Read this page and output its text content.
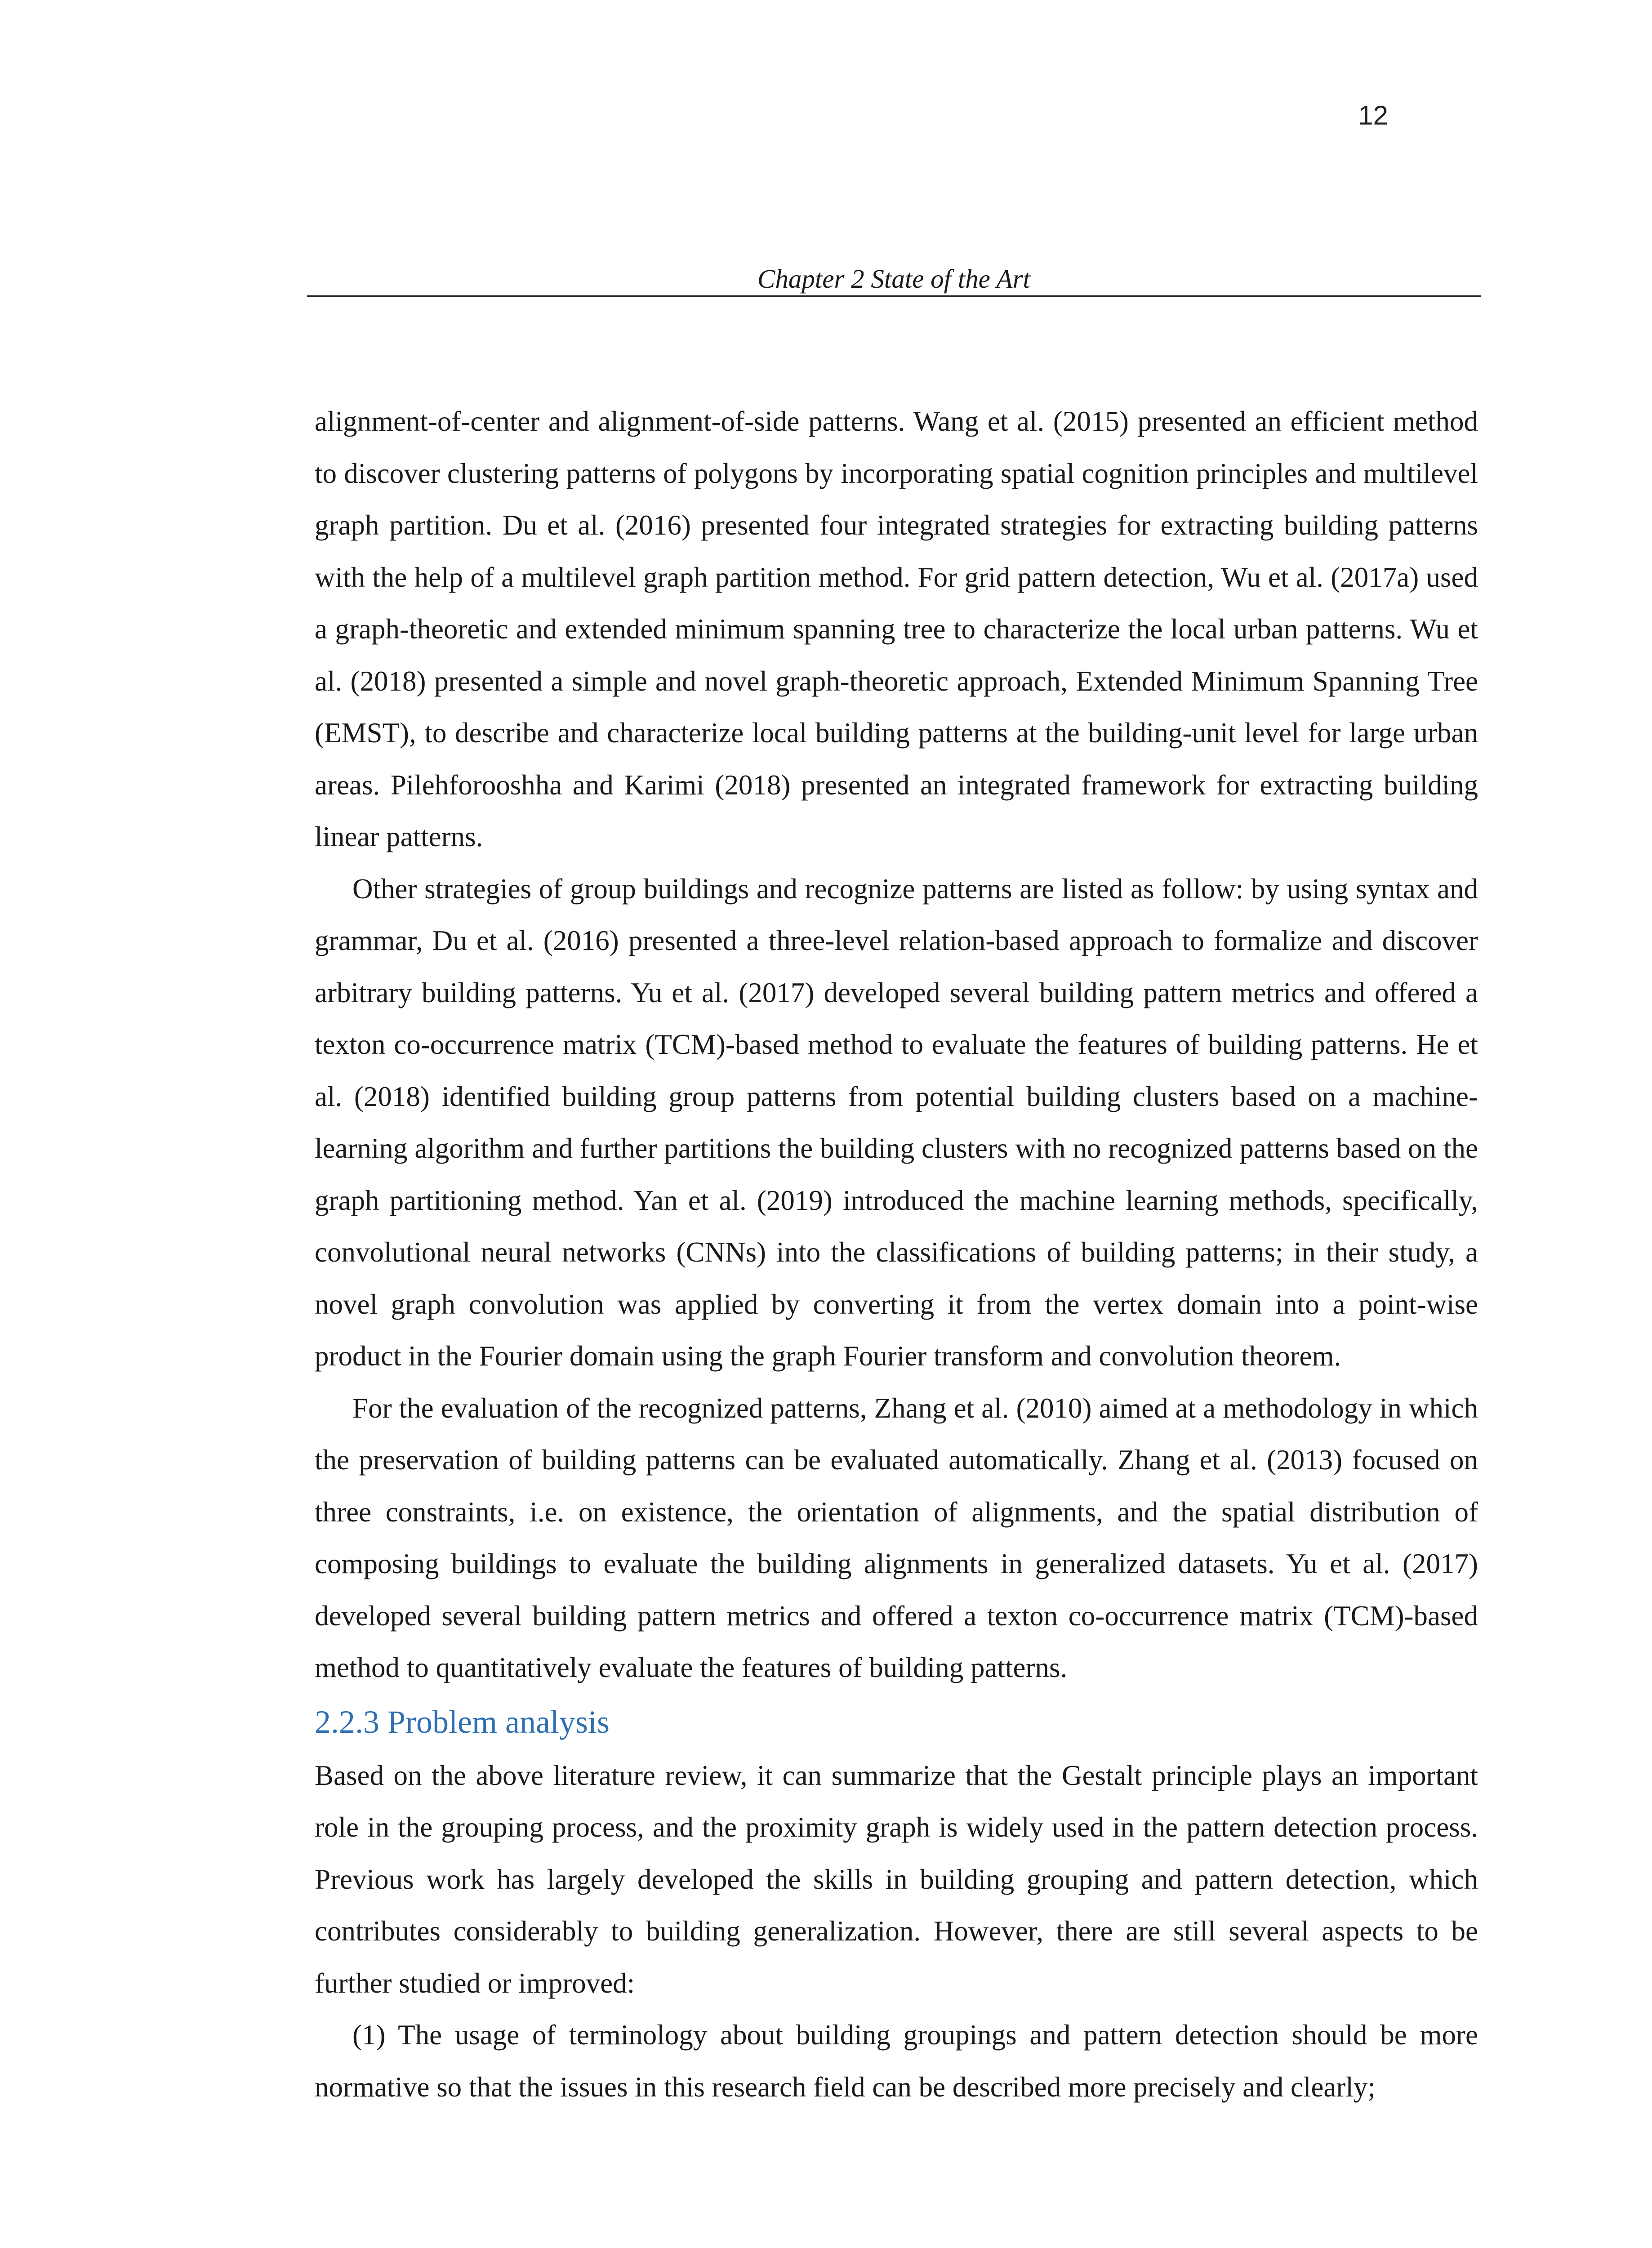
12
Chapter 2 State of the Art

alignment-of-center and alignment-of-side patterns. Wang et al. (2015) presented an efficient method to discover clustering patterns of polygons by incorporating spatial cognition principles and multilevel graph partition. Du et al. (2016) presented four integrated strategies for extracting building patterns with the help of a multilevel graph partition method. For grid pattern detection, Wu et al. (2017a) used a graph-theoretic and extended minimum spanning tree to characterize the local urban patterns. Wu et al. (2018) presented a simple and novel graph-theoretic approach, Extended Minimum Spanning Tree (EMST), to describe and characterize local building patterns at the building-unit level for large urban areas. Pilehforooshha and Karimi (2018) presented an integrated framework for extracting building linear patterns.

Other strategies of group buildings and recognize patterns are listed as follow: by using syntax and grammar, Du et al. (2016) presented a three-level relation-based approach to formalize and discover arbitrary building patterns. Yu et al. (2017) developed several building pattern metrics and offered a texton co-occurrence matrix (TCM)-based method to evaluate the features of building patterns. He et al. (2018) identified building group patterns from potential building clusters based on a machine-learning algorithm and further partitions the building clusters with no recognized patterns based on the graph partitioning method. Yan et al. (2019) introduced the machine learning methods, specifically, convolutional neural networks (CNNs) into the classifications of building patterns; in their study, a novel graph convolution was applied by converting it from the vertex domain into a point-wise product in the Fourier domain using the graph Fourier transform and convolution theorem.

For the evaluation of the recognized patterns, Zhang et al. (2010) aimed at a methodology in which the preservation of building patterns can be evaluated automatically. Zhang et al. (2013) focused on three constraints, i.e. on existence, the orientation of alignments, and the spatial distribution of composing buildings to evaluate the building alignments in generalized datasets. Yu et al. (2017) developed several building pattern metrics and offered a texton co-occurrence matrix (TCM)-based method to quantitatively evaluate the features of building patterns.

2.2.3 Problem analysis

Based on the above literature review, it can summarize that the Gestalt principle plays an important role in the grouping process, and the proximity graph is widely used in the pattern detection process. Previous work has largely developed the skills in building grouping and pattern detection, which contributes considerably to building generalization. However, there are still several aspects to be further studied or improved:

(1) The usage of terminology about building groupings and pattern detection should be more normative so that the issues in this research field can be described more precisely and clearly;
